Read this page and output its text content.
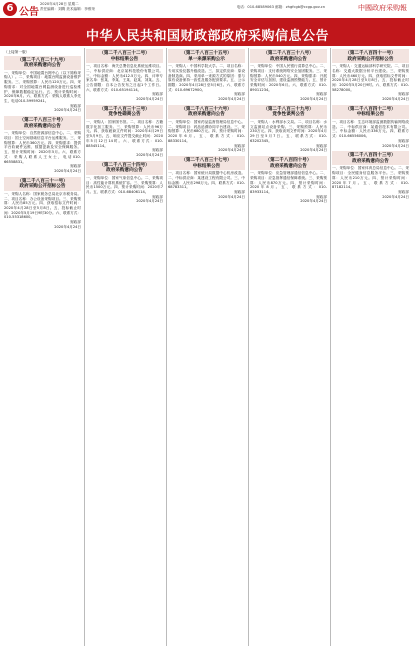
6 公告
2020年4月28日 星期二
责任编辑：刘腾 美术编辑：李维荣	电话：010-68589063 邮箱：zhgfcgb@ccgp.gov.cn	中國政府采购報
中华人民共和国财政部政府采购信息公告
（上接第一版）
（第二千八百二十九号）
政府采购意向公告
一、采购单位：中国地震台网中心（以下简称采购人）。二、采购项目：地震台网监测设备维护服务。三、采购预算：人民币120万元。四、采购需求：对全国地震台网监测设备进行巡检维护，保障数据稳定运行。五、预计采购时间：2020年6月。六、联系方式：采购人联系人李先生，电话010-59959241。
财政部
2020年4月24日
（第二千八百三十号）
政府采购意向公告
一、采购单位：自然资源部信息中心。二、采购项目：国土空间基础信息平台运维服务。三、采购预算：人民币360万元。四、采购需求：提供平台软硬件运维、数据更新及安全保障服务。五、预计采购时间：2020年5月。六、联系方式：采购人联系人王女士，电话010-66558831。
财政部
2020年4月24日
（第二千八百三十一号）
政府采购公开招标公告
一、采购人名称：国家税务总局北京市税务局。二、项目名称：办公设备采购项目。三、采购预算：人民币85万元。四、获取招标文件时间：2020年4月28日至5月8日。五、投标截止时间：2020年5月19日9时30分。六、联系方式：010-55318600。
财政部
2020年4月24日
（第二千八百三十二号）
中标结果公告
一、项目名称：海关总署信息化系统运维项目。二、中标供应商：北京某科技股份有限公司。三、中标金额：人民币412.5万元。四、评审专家名单：张某、李某、王某、赵某、刘某。五、公告期限：自本公告发布之日起1个工作日。六、联系方式：010-65194114。
财政部
2020年4月24日
（第二千八百三十三号）
竞争性磋商公告
一、采购人：国家图书馆。二、项目名称：古籍数字化加工服务。三、采购预算：人民币96万元。四、获取磋商文件时间：2020年4月29日至5月9日。五、响应文件提交截止时间：2020年5月12日14时。六、联系方式：010-88545114。
财政部
2020年4月24日
（第二千八百三十四号）
政府采购意向公告
一、采购单位：国家气象信息中心。二、采购项目：高性能计算机系统扩容。三、采购预算：人民币1500万元。四、预计采购时间：2020年7月。五、联系方式：010-68406114。
财政部
2020年4月24日
（第二千八百三十五号）
单一来源采购公示
一、采购人：中国科学院大学。二、项目名称：专用实验仪器升级改造。三、拟定供应商：原设备制造商。四、采用单一来源方式的原因：需与原有设备保持一致性及服务配套要求。五、公示期限：2020年4月28日至5月6日。六、联系方式：010-69672900。
财政部
2020年4月24日
（第二千八百三十六号）
政府采购意向公告
一、采购单位：国家药品监督管理局信息中心。二、采购项目：药品追溯协同平台建设。三、采购预算：人民币680万元。四、预计采购时间：2020年6月。五、联系方式：010-88330114。
财政部
2020年4月24日
（第二千八百三十七号）
中标结果公告
一、项目名称：国家统计局数据中心机房改造。二、中标供应商：某建设工程有限公司。三、中标金额：人民币298万元。四、联系方式：010-68783311。
财政部
2020年4月24日
（第二千八百三十八号）
政府采购意向公告
一、采购单位：中国人民银行清算总中心。二、采购项目：支付系统网络安全加固服务。三、采购预算：人民币540万元。四、采购需求：开展安全评估与加固，建设监测预警能力。五、预计采购时间：2020年6月。六、联系方式：010-89011234。
财政部
2020年4月24日
（第二千八百三十九号）
竞争性谈判公告
一、采购人：水利部水文局。二、项目名称：水文监测站点设备采购。三、采购预算：人民币230万元。四、获取谈判文件时间：2020年4月29日至5月7日。五、联系方式：010-63202345。
财政部
2020年4月24日
（第二千八百四十号）
政府采购意向公告
一、采购单位：应急管理部通信信息中心。二、采购项目：应急指挥通信保障系统。三、采购预算：人民币870万元。四、预计采购时间：2020年8月。五、联系方式：010-83933114。
财政部
2020年4月24日
（第二千八百四十一号）
政府采购公开招标公告
一、采购人：交通运输部科学研究院。二、项目名称：交通大数据分析平台建设。三、采购预算：人民币460万元。四、获取招标文件时间：2020年4月28日至5月8日。五、投标截止时间：2020年5月20日9时。六、联系方式：010-58278000。
财政部
2020年4月24日
（第二千八百四十二号）
中标结果公告
一、项目名称：生态环境部监测数据传输网络改造。二、中标供应商：某通信技术有限公司。三、中标金额：人民币336万元。四、联系方式：010-66556006。
财政部
2020年4月24日
（第二千八百四十三号）
政府采购意向公告
一、采购单位：国家体育总局信息中心。二、采购项目：全民健身信息服务平台。三、采购预算：人民币210万元。四、预计采购时间：2020年7月。五、联系方式：010-87182114。
财政部
2020年4月24日
